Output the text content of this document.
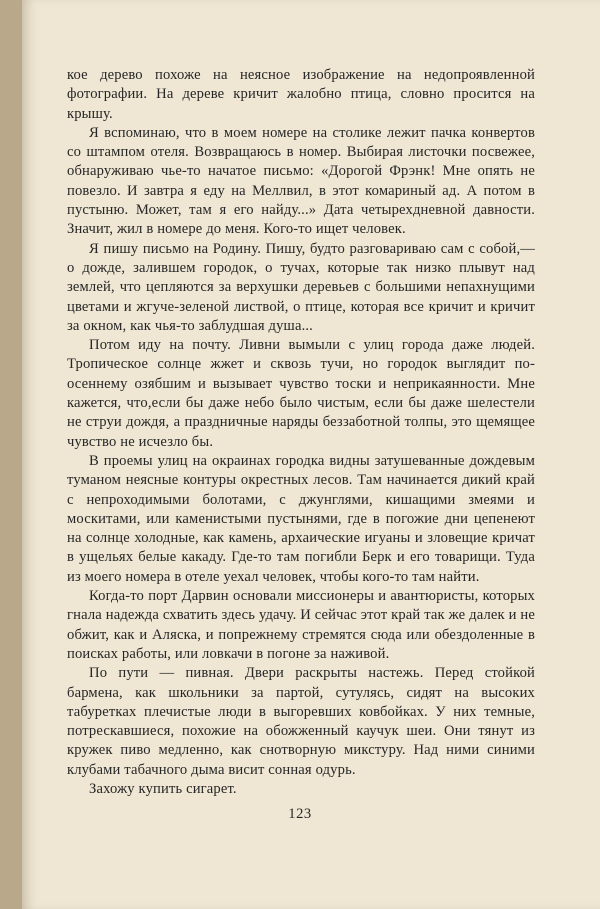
кое дерево похоже на неясное изображение на недопроявленной фотографии. На дереве кричит жалобно птица, словно просится на крышу.

Я вспоминаю, что в моем номере на столике лежит пачка конвертов со штампом отеля. Возвращаюсь в номер. Выбирая листочки посвежее, обнаруживаю чье-то начатое письмо: «Дорогой Фрэнк! Мне опять не повезло. И завтра я еду на Меллвил, в этот комариный ад. А потом в пустыню. Может, там я его найду...» Дата четырехдневной давности. Значит, жил в номере до меня. Кого-то ищет человек.

Я пишу письмо на Родину. Пишу, будто разговариваю сам с собой,— о дожде, залившем городок, о тучах, которые так низко плывут над землей, что цепляются за верхушки деревьев с большими непахнущими цветами и жгуче-зеленой листвой, о птице, которая все кричит и кричит за окном, как чья-то заблудшая душа...

Потом иду на почту. Ливни вымыли с улиц города даже людей. Тропическое солнце жжет и сквозь тучи, но городок выглядит по-осеннему озябшим и вызывает чувство тоски и неприкаянности. Мне кажется, что,если бы даже небо было чистым, если бы даже шелестели не струи дождя, а праздничные наряды беззаботной толпы, это щемящее чувство не исчезло бы.

В проемы улиц на окраинах городка видны затушеванные дождевым туманом неясные контуры окрестных лесов. Там начинается дикий край с непроходимыми болотами, с джунглями, кишащими змеями и москитами, или каменистыми пустынями, где в погожие дни цепенеют на солнце холодные, как камень, архаические игуаны и зловещие кричат в ущельях белые какаду. Где-то там погибли Берк и его товарищи. Туда из моего номера в отеле уехал человек, чтобы кого-то там найти.

Когда-то порт Дарвин основали миссионеры и авантюристы, которых гнала надежда схватить здесь удачу. И сейчас этот край так же далек и не обжит, как и Аляска, и попрежнему стремятся сюда или обездоленные в поисках работы, или ловкачи в погоне за наживой.

По пути — пивная. Двери раскрыты настежь. Перед стойкой бармена, как школьники за партой, сутулясь, сидят на высоких табуретках плечистые люди в выгоревших ковбойках. У них темные, потрескавшиеся, похожие на обожженный каучук шеи. Они тянут из кружек пиво медленно, как снотворную микстуру. Над ними синими клубами табачного дыма висит сонная одурь.

Захожу купить сигарет.

123
